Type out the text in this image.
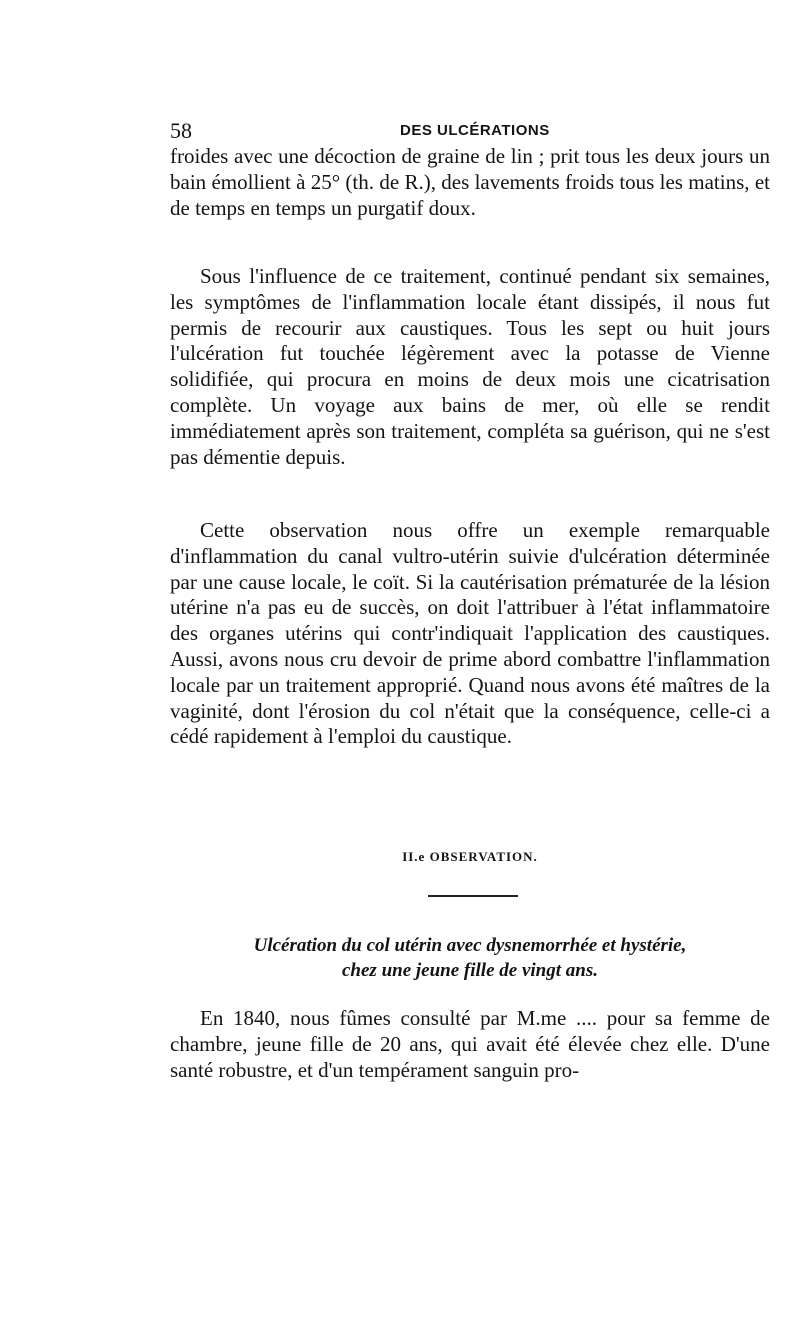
58	DES ULCÉRATIONS

froides avec une décoction de graine de lin ; prit tous les deux jours un bain émollient à 25° (th. de R.), des lavements froids tous les matins, et de temps en temps un purgatif doux.

Sous l'influence de ce traitement, continué pendant six semaines, les symptômes de l'inflammation locale étant dissipés, il nous fut permis de recourir aux caustiques. Tous les sept ou huit jours l'ulcération fut touchée légèrement avec la potasse de Vienne solidifiée, qui procura en moins de deux mois une cicatrisation complète. Un voyage aux bains de mer, où elle se rendit immédiatement après son traitement, compléta sa guérison, qui ne s'est pas démentie depuis.

Cette observation nous offre un exemple remarquable d'inflammation du canal vultro-utérin suivie d'ulcération déterminée par une cause locale, le coït. Si la cautérisation prématurée de la lésion utérine n'a pas eu de succès, on doit l'attribuer à l'état inflammatoire des organes utérins qui contr'indiquait l'application des caustiques. Aussi, avons nous cru devoir de prime abord combattre l'inflammation locale par un traitement approprié. Quand nous avons été maîtres de la vaginité, dont l'érosion du col n'était que la conséquence, celle-ci a cédé rapidement à l'emploi du caustique.

II.e OBSERVATION.
Ulcération du col utérin avec dysnemorrhée et hystérie,
chez une jeune fille de vingt ans.

En 1840, nous fûmes consulté par M.me .... pour sa femme de chambre, jeune fille de 20 ans, qui avait été élevée chez elle. D'une santé robustre, et d'un tempérament sanguin pro-
